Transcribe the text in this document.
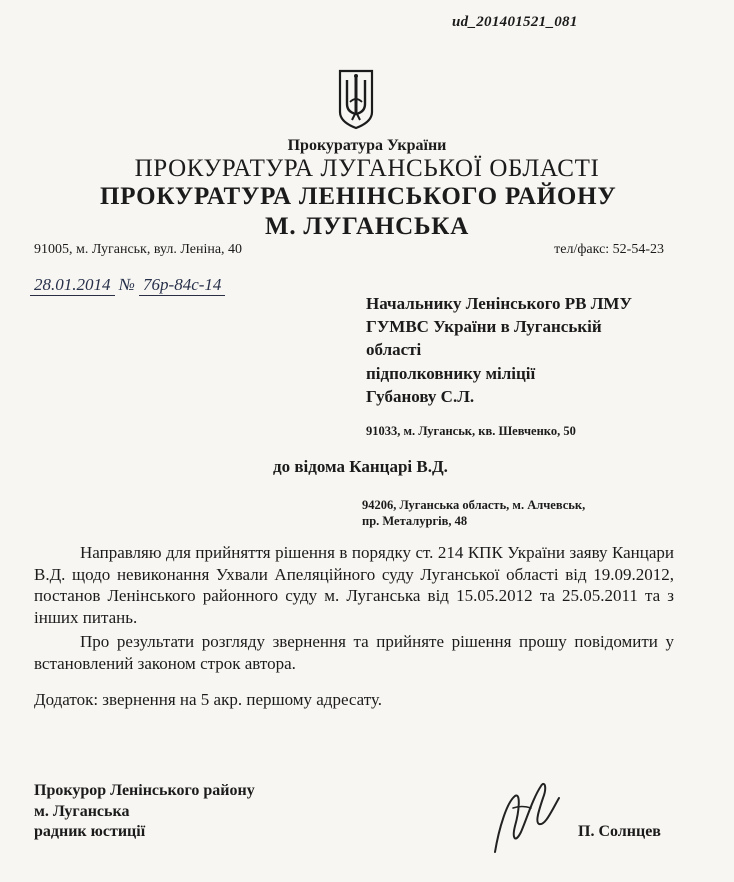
ud_201401521_081
Прокуратура України
ПРОКУРАТУРА ЛУГАНСЬКОЇ ОБЛАСТІ
ПРОКУРАТУРА ЛЕНІНСЬКОГО РАЙОНУ
М. ЛУГАНСЬКА
91005, м. Луганськ, вул. Леніна, 40	тел/факс: 52-54-23
28.01.2014 № 76р-84с-14
Начальнику Ленінського РВ ЛМУ
ГУМВС України в Луганській
області
підполковнику міліції
Губанову С.Л.
91033, м. Луганськ, кв. Шевченко, 50
до відома Канцарі В.Д.
94206, Луганська область, м. Алчевськ,
пр. Металургів, 48

Направляю для прийняття рішення в порядку ст. 214 КПК України заяву Канцари В.Д. щодо невиконання Ухвали Апеляційного суду Луганської області від 19.09.2012, постанов Ленінського районного суду м. Луганська від 15.05.2012 та 25.05.2011 та з інших питань.

Про результати розгляду звернення та прийняте рішення прошу повідомити у встановлений законом строк автора.

Додаток: звернення на 5 акр. першому адресату.
Прокурор Ленінського району
м. Луганська
радник юстиції	П. Солнцев
